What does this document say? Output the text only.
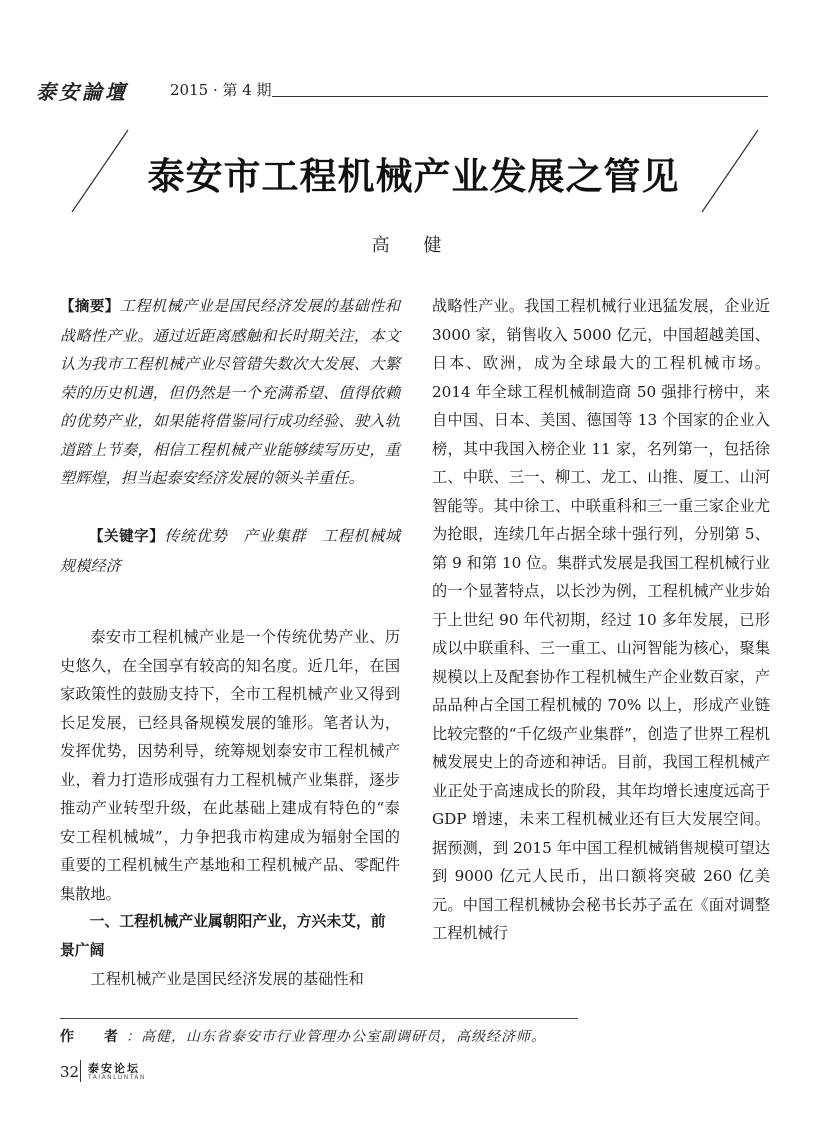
泰安論壇	2015 · 第 4 期
泰安市工程机械产业发展之管见
高 健
【摘要】工程机械产业是国民经济发展的基础性和战略性产业。通过近距离感触和长时期关注，本文认为我市工程机械产业尽管错失数次大发展、大繁荣的历史机遇，但仍然是一个充满希望、值得依赖的优势产业，如果能将借鉴同行成功经验、驶入轨道踏上节奏，相信工程机械产业能够续写历史，重塑辉煌，担当起泰安经济发展的领头羊重任。
【关键字】传统优势　产业集群　工程机械城 规模经济

泰安市工程机械产业是一个传统优势产业、历史悠久，在全国享有较高的知名度。近几年，在国家政策性的鼓励支持下，全市工程机械产业又得到长足发展，已经具备规模发展的雏形。笔者认为，发挥优势，因势利导，统筹规划泰安市工程机械产业，着力打造形成强有力工程机械产业集群，逐步推动产业转型升级，在此基础上建成有特色的“泰安工程机械城”，力争把我市构建成为辐射全国的重要的工程机械生产基地和工程机械产品、零配件集散地。

一、工程机械产业属朝阳产业，方兴未艾，前景广阔

工程机械产业是国民经济发展的基础性和

战略性产业。我国工程机械行业迅猛发展，企业近 3000 家，销售收入 5000 亿元，中国超越美国、日本、欧洲，成为全球最大的工程机械市场。2014 年全球工程机械制造商 50 强排行榜中，来自中国、日本、美国、德国等 13 个国家的企业入榜，其中我国入榜企业 11 家，名列第一，包括徐工、中联、三一、柳工、龙工、山推、厦工、山河智能等。其中徐工、中联重科和三一重三家企业尤为抢眼，连续几年占据全球十强行列，分别第 5、第 9 和第 10 位。集群式发展是我国工程机械行业的一个显著特点，以长沙为例，工程机械产业步始于上世纪 90 年代初期，经过 10 多年发展，已形成以中联重科、三一重工、山河智能为核心，聚集规模以上及配套协作工程机械生产企业数百家，产品品种占全国工程机械的 70% 以上，形成产业链比较完整的“千亿级产业集群”，创造了世界工程机械发展史上的奇迹和神话。目前，我国工程机械产业正处于高速成长的阶段，其年均增长速度远高于 GDP 增速，未来工程机械业还有巨大发展空间。据预测，到 2015 年中国工程机械销售规模可望达到 9000 亿元人民币，出口额将突破 260 亿美元。中国工程机械协会秘书长苏子孟在《面对调整工程机械行

作　者：高健，山东省泰安市行业管理办公室副调研员，高级经济师。
32 泰安论坛
TAIANLUNTAN
